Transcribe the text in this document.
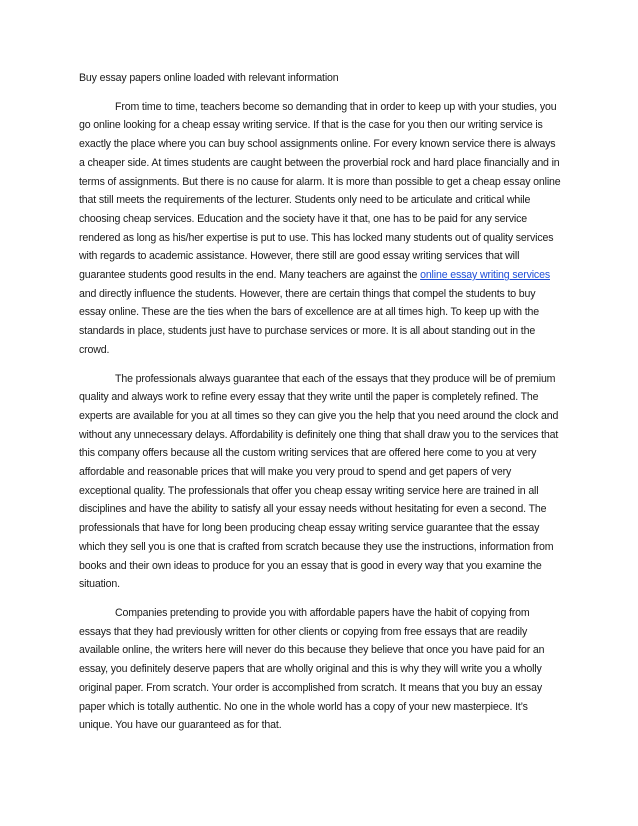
Buy essay papers online loaded with relevant information

From time to time, teachers become so demanding that in order to keep up with your studies, you go online looking for a cheap essay writing service. If that is the case for you then our writing service is exactly the place where you can buy school assignments online. For every known service there is always a cheaper side. At times students are caught between the proverbial rock and hard place financially and in terms of assignments. But there is no cause for alarm. It is more than possible to get a cheap essay online that still meets the requirements of the lecturer. Students only need to be articulate and critical while choosing cheap services. Education and the society have it that, one has to be paid for any service rendered as long as his/her expertise is put to use. This has locked many students out of quality services with regards to academic assistance. However, there still are good essay writing services that will guarantee students good results in the end. Many teachers are against the online essay writing services and directly influence the students. However, there are certain things that compel the students to buy essay online. These are the ties when the bars of excellence are at all times high. To keep up with the standards in place, students just have to purchase services or more. It is all about standing out in the crowd.

The professionals always guarantee that each of the essays that they produce will be of premium quality and always work to refine every essay that they write until the paper is completely refined. The experts are available for you at all times so they can give you the help that you need around the clock and without any unnecessary delays. Affordability is definitely one thing that shall draw you to the services that this company offers because all the custom writing services that are offered here come to you at very affordable and reasonable prices that will make you very proud to spend and get papers of very exceptional quality. The professionals that offer you cheap essay writing service here are trained in all disciplines and have the ability to satisfy all your essay needs without hesitating for even a second. The professionals that have for long been producing cheap essay writing service guarantee that the essay which they sell you is one that is crafted from scratch because they use the instructions, information from books and their own ideas to produce for you an essay that is good in every way that you examine the situation.

Companies pretending to provide you with affordable papers have the habit of copying from essays that they had previously written for other clients or copying from free essays that are readily available online, the writers here will never do this because they believe that once you have paid for an essay, you definitely deserve papers that are wholly original and this is why they will write you a wholly original paper. From scratch. Your order is accomplished from scratch. It means that you buy an essay paper which is totally authentic. No one in the whole world has a copy of your new masterpiece. It’s unique. You have our guaranteed as for that.
